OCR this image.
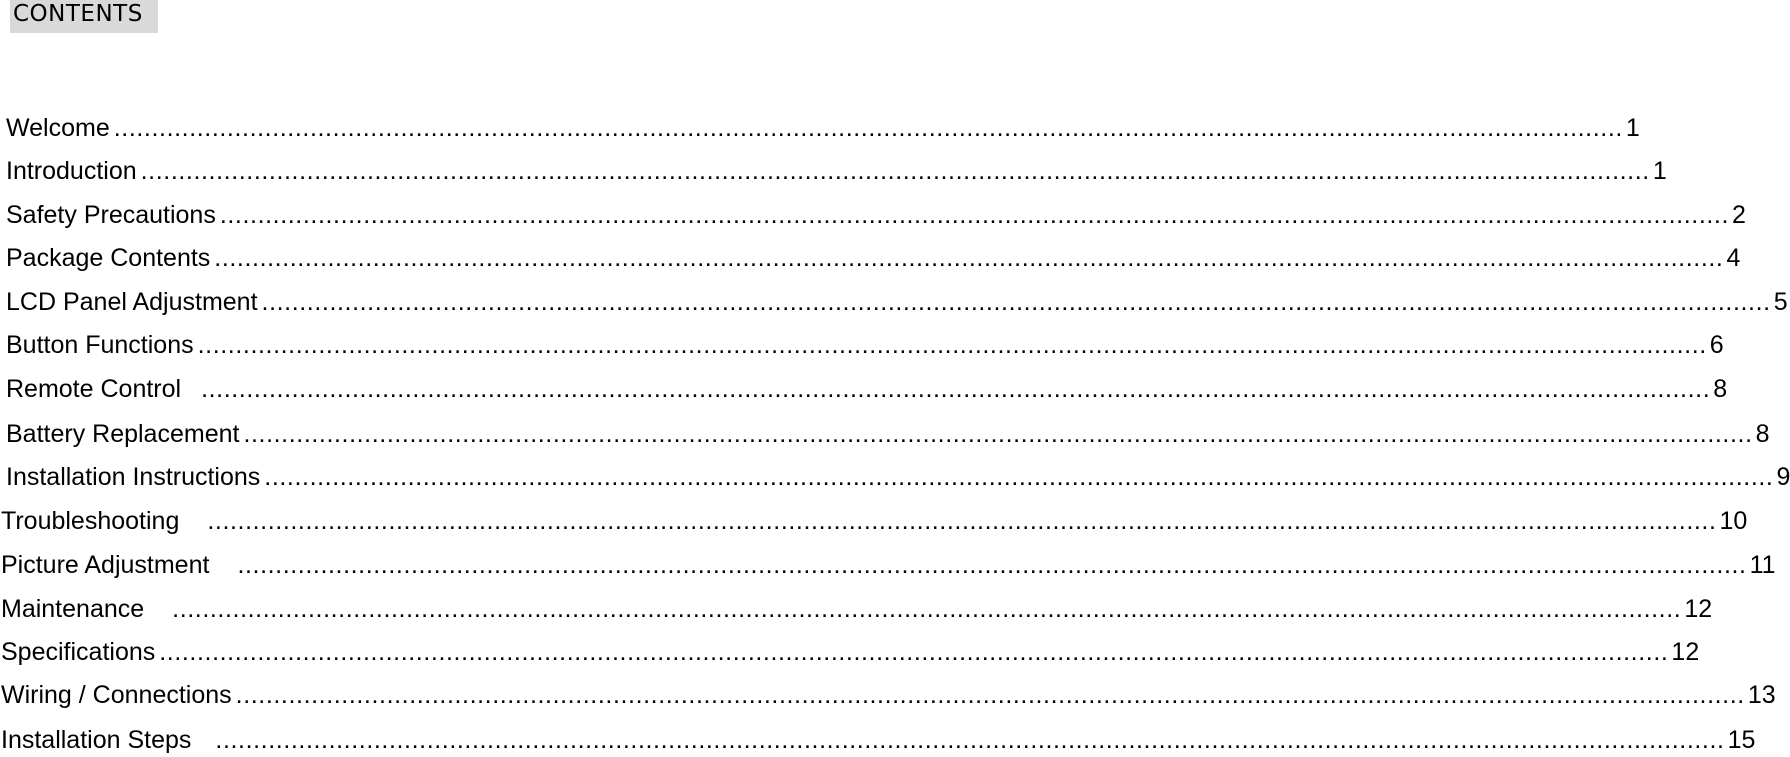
CONTENTS
Welcome ........................................................................................................................................................................................................ 1
Introduction ........................................................................................................................................................................................................ 1
Safety Precautions ........................................................................................................................................................................................................ 2
Package Contents ........................................................................................................................................................................................................ 4
LCD Panel Adjustment ........................................................................................................................................................................................................ 5
Button Functions ........................................................................................................................................................................................................ 6
Remote Control ........................................................................................................................................................................................................ 8
Battery Replacement ........................................................................................................................................................................................................ 8
Installation Instructions ........................................................................................................................................................................................................ 9
Troubleshooting ........................................................................................................................................................................................................ 10
Picture Adjustment ........................................................................................................................................................................................................ 11
Maintenance ........................................................................................................................................................................................................ 12
Specifications ........................................................................................................................................................................................................ 12
Wiring / Connections ........................................................................................................................................................................................................ 13
Installation Steps ........................................................................................................................................................................................................ 15
